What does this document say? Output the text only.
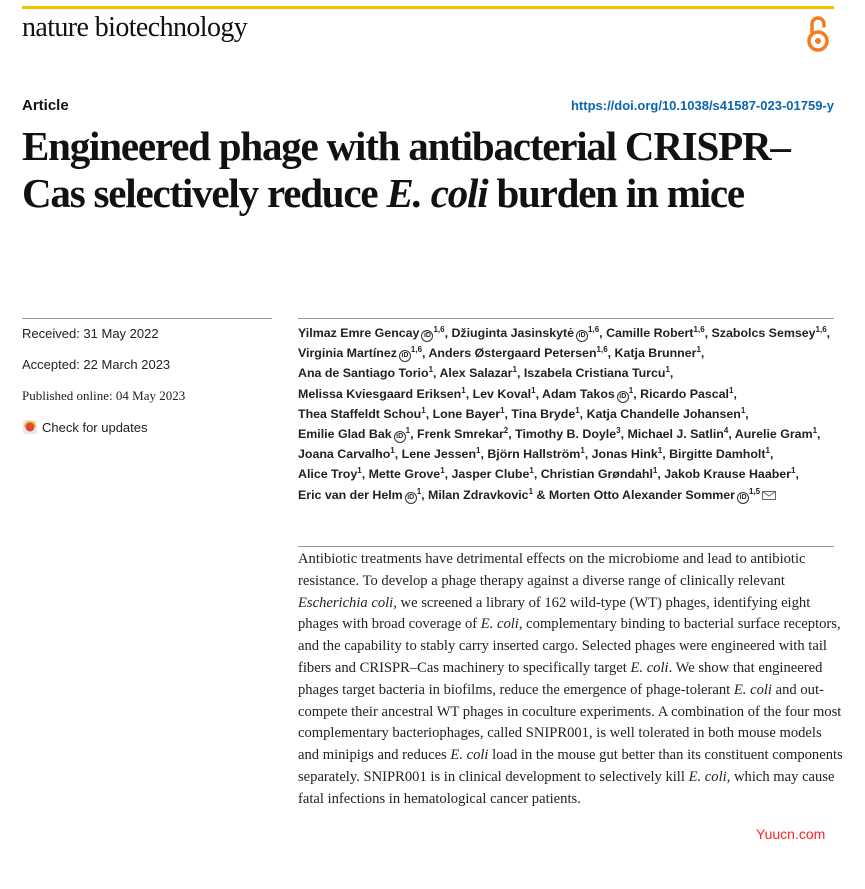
nature biotechnology
Article	https://doi.org/10.1038/s41587-023-01759-y
Engineered phage with antibacterial CRISPR–Cas selectively reduce E. coli burden in mice
Received: 31 May 2022
Accepted: 22 March 2023
Published online: 04 May 2023
Check for updates
Yilmaz Emre Gencay iD$^{1,6}$, Džiuginta Jasinskytė iD$^{1,6}$, Camille Robert$^{1,6}$, Szabolcs Semsey$^{1,6}$, Virginia Martínez iD$^{1,6}$, Anders Østergaard Petersen$^{1,6}$, Katja Brunner$^1$, Ana de Santiago Torio$^1$, Alex Salazar$^1$, Iszabela Cristiana Turcu$^1$, Melissa Kviesgaard Eriksen$^1$, Lev Koval$^1$, Adam Takos $iD^1$, Ricardo Pascal$^1$, Thea Staffeldt Schou$^1$, Lone Bayer$^1$, Tina Bryde$^1$, Katja Chandelle Johansen$^1$, Emilie Glad Bak $iD^1$, Frenk Smrekar$^2$, Timothy B. Doyle$^3$, Michael J. Satlin$^4$, Aurelie Gram$^1$, Joana Carvalho$^1$, Lene Jessen$^1$, Björn Hallström$^1$, Jonas Hink$^1$, Birgitte Damholt$^1$, Alice Troy$^1$, Mette Grove$^1$, Jasper Clube$^1$, Christian Grøndahl$^1$, Jakob Krause Haaber$^1$, Eric van der Helm $iD^1$, Milan Zdravkovic$^1$ & Morten Otto Alexander Sommer iD$^{1,5}$

Antibiotic treatments have detrimental effects on the microbiome and lead to antibiotic resistance. To develop a phage therapy against a diverse range of clinically relevant Escherichia coli, we screened a library of 162 wild-type (WT) phages, identifying eight phages with broad coverage of E. coli, complementary binding to bacterial surface receptors, and the capability to stably carry inserted cargo. Selected phages were engineered with tail fibers and CRISPR–Cas machinery to specifically target E. coli. We show that engineered phages target bacteria in biofilms, reduce the emergence of phage-tolerant E. coli and out-compete their ancestral WT phages in coculture experiments. A combination of the four most complementary bacteriophages, called SNIPR001, is well tolerated in both mouse models and minipigs and reduces E. coli load in the mouse gut better than its constituent components separately. SNIPR001 is in clinical development to selectively kill E. coli, which may cause fatal infections in hematological cancer patients.

Yuucn.com
